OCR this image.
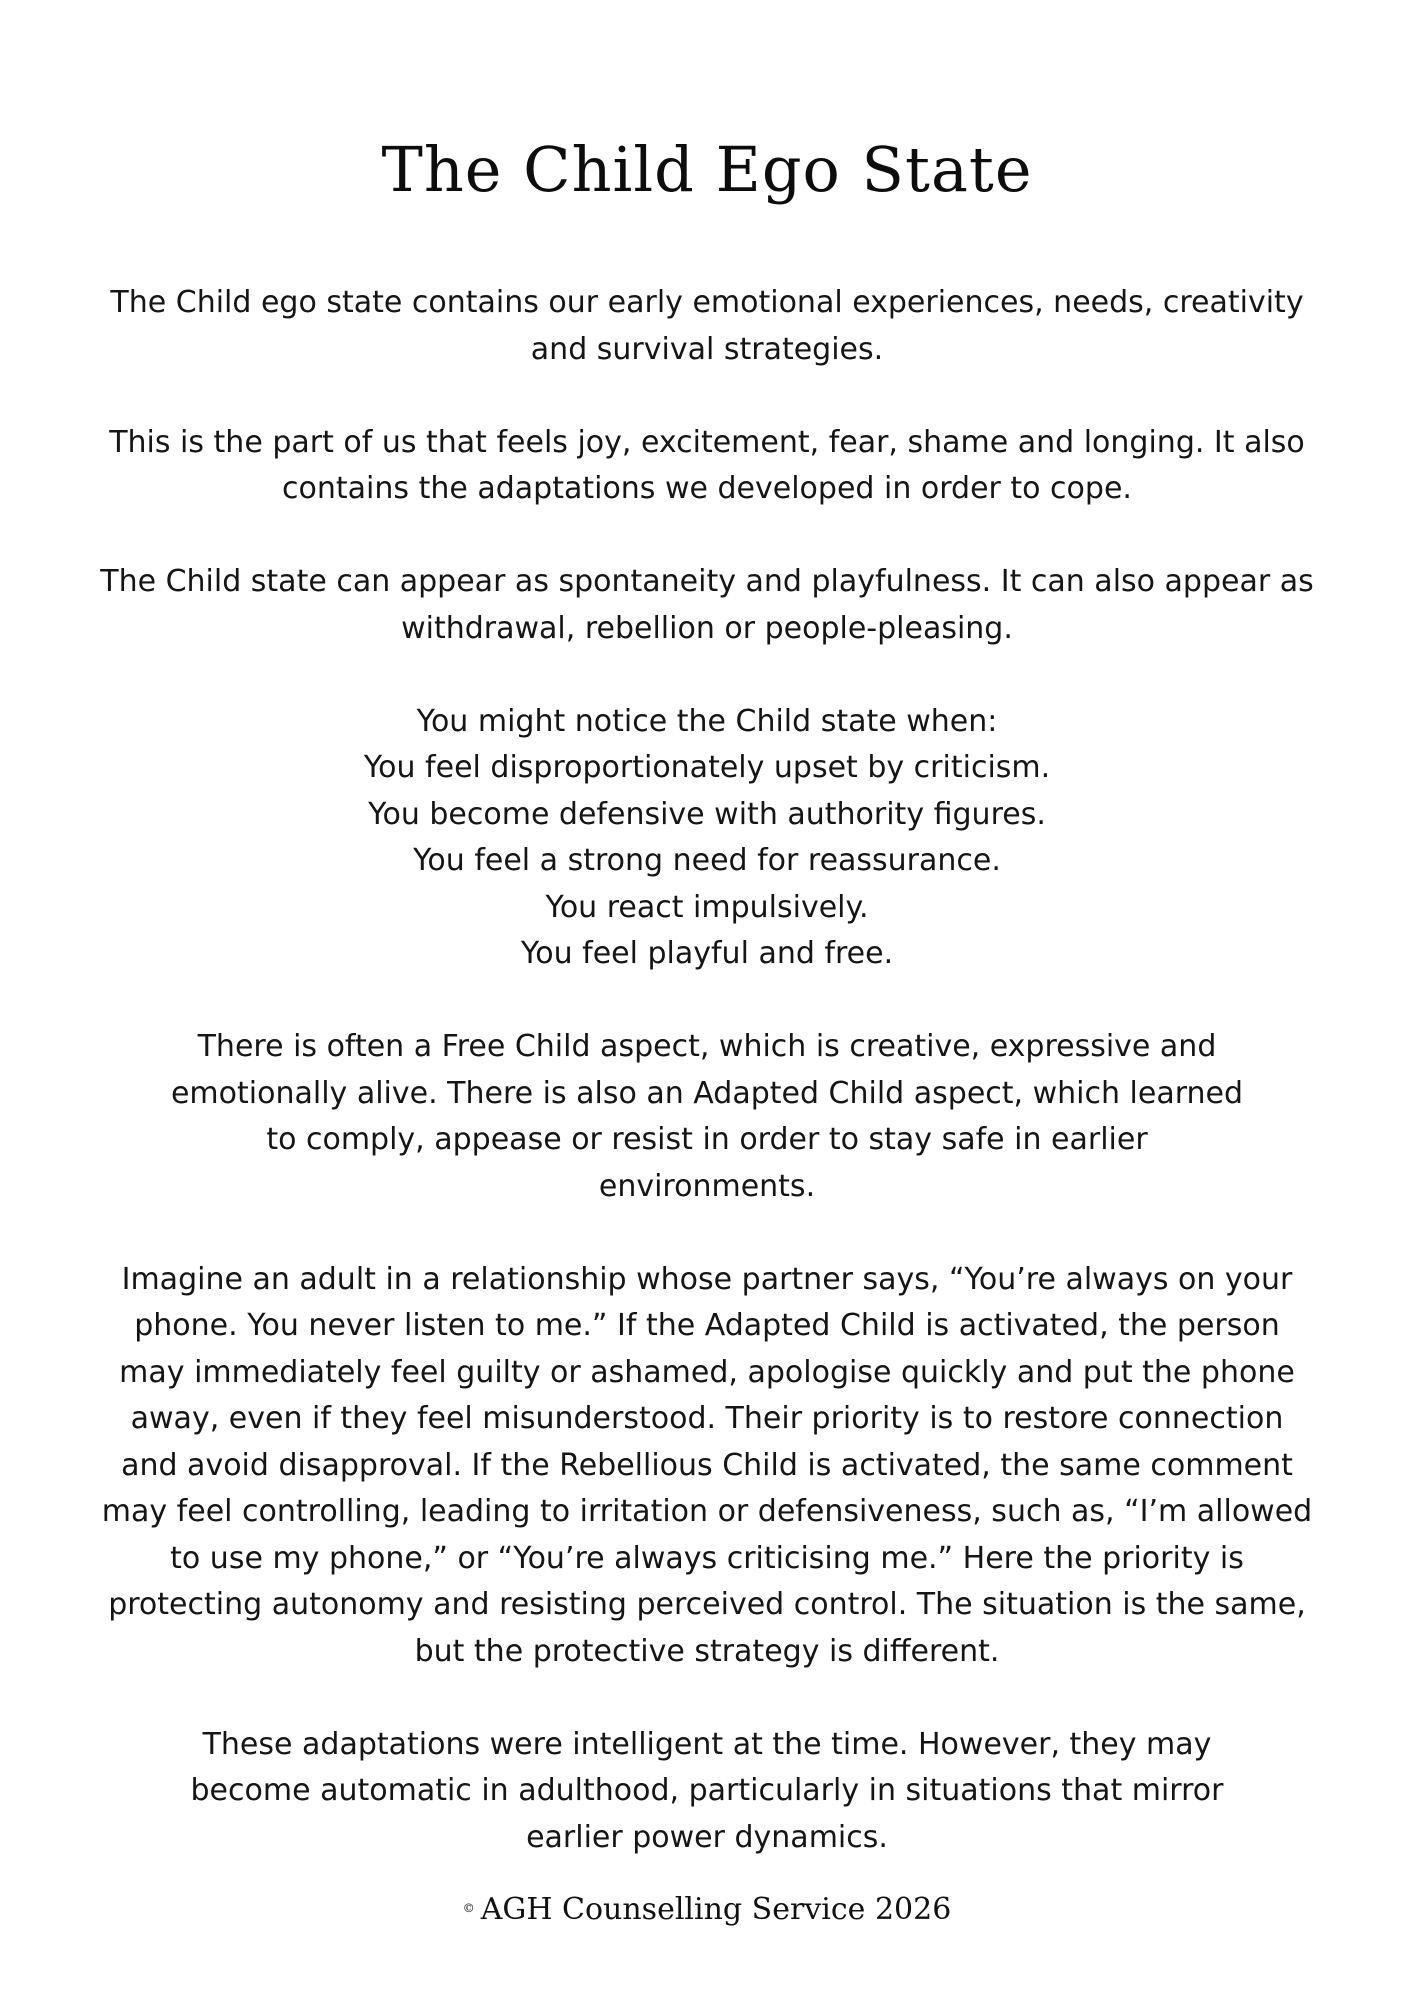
The Child Ego State

The Child ego state contains our early emotional experiences, needs, creativity and survival strategies.

This is the part of us that feels joy, excitement, fear, shame and longing. It also contains the adaptations we developed in order to cope.

The Child state can appear as spontaneity and playfulness. It can also appear as withdrawal, rebellion or people-pleasing.

You might notice the Child state when:
You feel disproportionately upset by criticism.
You become defensive with authority figures.
You feel a strong need for reassurance.
You react impulsively.
You feel playful and free.

There is often a Free Child aspect, which is creative, expressive and emotionally alive. There is also an Adapted Child aspect, which learned to comply, appease or resist in order to stay safe in earlier environments.

Imagine an adult in a relationship whose partner says, “You’re always on your phone. You never listen to me.” If the Adapted Child is activated, the person may immediately feel guilty or ashamed, apologise quickly and put the phone away, even if they feel misunderstood. Their priority is to restore connection and avoid disapproval. If the Rebellious Child is activated, the same comment may feel controlling, leading to irritation or defensiveness, such as, “I’m allowed to use my phone,” or “You’re always criticising me.” Here the priority is protecting autonomy and resisting perceived control. The situation is the same, but the protective strategy is different.

These adaptations were intelligent at the time. However, they may become automatic in adulthood, particularly in situations that mirror earlier power dynamics.

© AGH Counselling Service 2026
